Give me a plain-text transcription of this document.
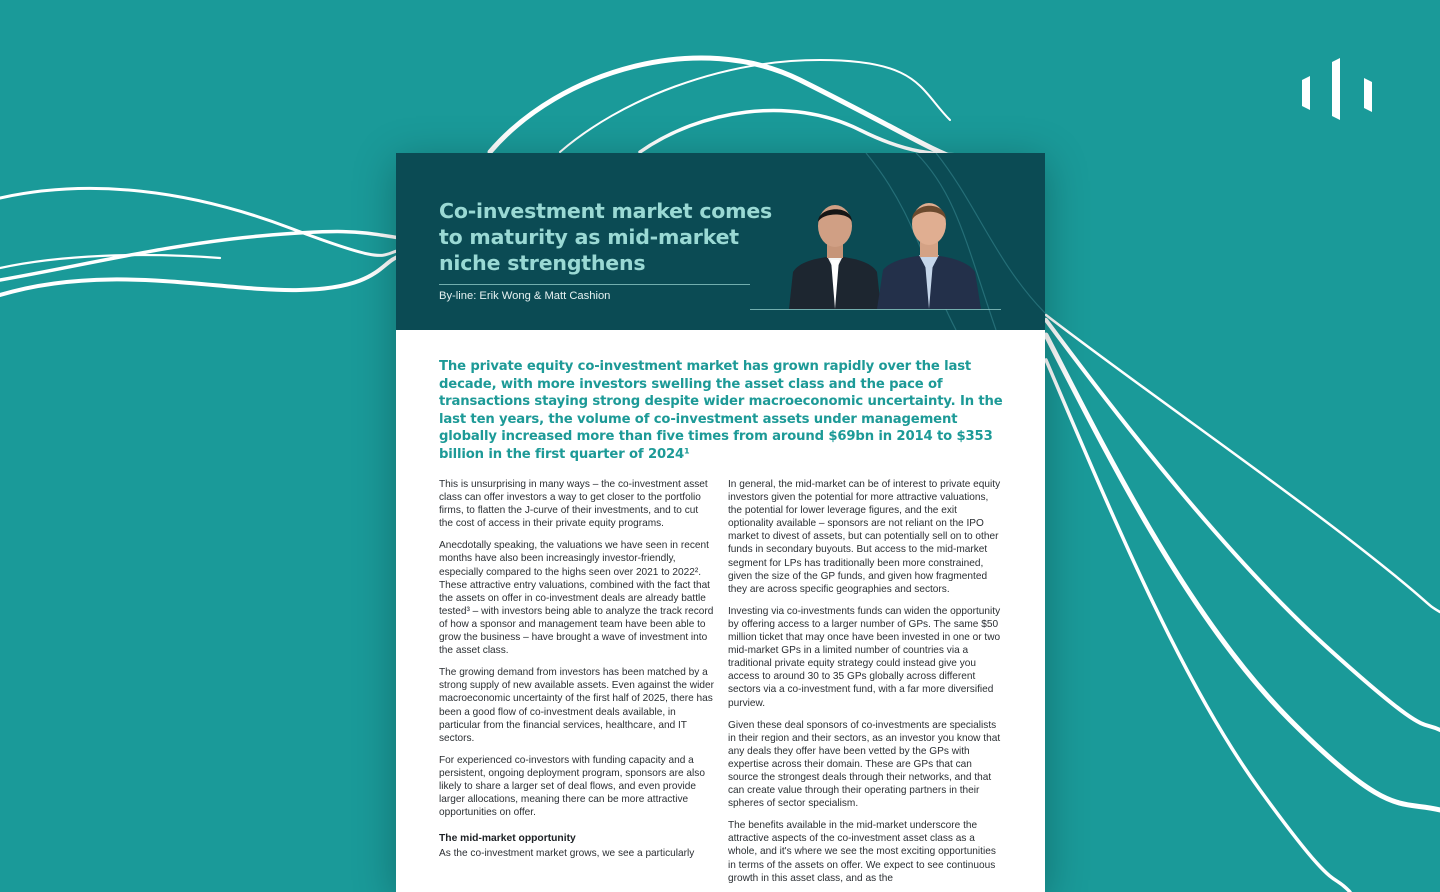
Co-investment market comes to maturity as mid-market niche strengthens
By-line: Erik Wong & Matt Cashion

The private equity co-investment market has grown rapidly over the last decade, with more investors swelling the asset class and the pace of transactions staying strong despite wider macroeconomic uncertainty. In the last ten years, the volume of co-investment assets under management globally increased more than five times from around $69bn in 2014 to $353 billion in the first quarter of 2024¹

This is unsurprising in many ways – the co-investment asset class can offer investors a way to get closer to the portfolio firms, to flatten the J-curve of their investments, and to cut the cost of access in their private equity programs.

Anecdotally speaking, the valuations we have seen in recent months have also been increasingly investor-friendly, especially compared to the highs seen over 2021 to 2022². These attractive entry valuations, combined with the fact that the assets on offer in co-investment deals are already battle tested³ – with investors being able to analyze the track record of how a sponsor and management team have been able to grow the business – have brought a wave of investment into the asset class.

The growing demand from investors has been matched by a strong supply of new available assets. Even against the wider macroeconomic uncertainty of the first half of 2025, there has been a good flow of co-investment deals available, in particular from the financial services, healthcare, and IT sectors.

For experienced co-investors with funding capacity and a persistent, ongoing deployment program, sponsors are also likely to share a larger set of deal flows, and even provide larger allocations, meaning there can be more attractive opportunities on offer.

The mid-market opportunity

As the co-investment market grows, we see a particularly

In general, the mid-market can be of interest to private equity investors given the potential for more attractive valuations, the potential for lower leverage figures, and the exit optionality available – sponsors are not reliant on the IPO market to divest of assets, but can potentially sell on to other funds in secondary buyouts. But access to the mid-market segment for LPs has traditionally been more constrained, given the size of the GP funds, and given how fragmented they are across specific geographies and sectors.

Investing via co-investments funds can widen the opportunity by offering access to a larger number of GPs. The same $50 million ticket that may once have been invested in one or two mid-market GPs in a limited number of countries via a traditional private equity strategy could instead give you access to around 30 to 35 GPs globally across different sectors via a co-investment fund, with a far more diversified purview.

Given these deal sponsors of co-investments are specialists in their region and their sectors, as an investor you know that any deals they offer have been vetted by the GPs with expertise across their domain. These are GPs that can source the strongest deals through their networks, and that can create value through their operating partners in their spheres of sector specialism.

The benefits available in the mid-market underscore the attractive aspects of the co-investment asset class as a whole, and it's where we see the most exciting opportunities in terms of the assets on offer. We expect to see continuous growth in this asset class, and as the
